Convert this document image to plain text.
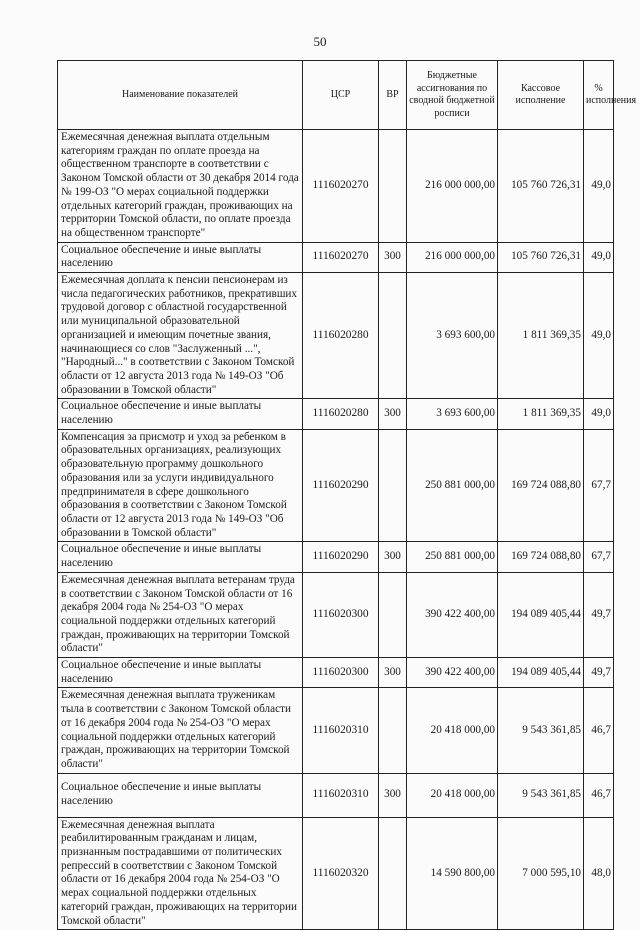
50
Наименование показателей	ЦСР	ВР	Бюджетные ассигнования по сводной бюджетной росписи	Кассовое исполнение	% исполнения
Ежемесячная денежная выплата отдельным категориям граждан по оплате проезда на общественном транспорте в соответствии с Законом Томской области от 30 декабря 2014 года № 199-ОЗ "О мерах социальной поддержки отдельных категорий граждан, проживающих на территории Томской области, по оплате проезда на общественном транспорте"	1116020270		216 000 000,00	105 760 726,31	49,0
Социальное обеспечение и иные выплаты населению	1116020270	300	216 000 000,00	105 760 726,31	49,0
Ежемесячная доплата к пенсии пенсионерам из числа педагогических работников, прекративших трудовой договор с областной государственной или муниципальной образовательной организацией и имеющим почетные звания, начинающиеся со слов "Заслуженный ...", "Народный..." в соответствии с Законом Томской области от 12 августа 2013 года № 149-ОЗ "Об образовании в Томской области"	1116020280		3 693 600,00	1 811 369,35	49,0
Социальное обеспечение и иные выплаты населению	1116020280	300	3 693 600,00	1 811 369,35	49,0
Компенсация за присмотр и уход за ребенком в образовательных организациях, реализующих образовательную программу дошкольного образования или за услуги индивидуального предпринимателя в сфере дошкольного образования в соответствии с Законом Томской области от 12 августа 2013 года № 149-ОЗ "Об образовании в Томской области"	1116020290		250 881 000,00	169 724 088,80	67,7
Социальное обеспечение и иные выплаты населению	1116020290	300	250 881 000,00	169 724 088,80	67,7
Ежемесячная денежная выплата ветеранам труда в соответствии с Законом Томской области от 16 декабря 2004 года № 254-ОЗ "О мерах социальной поддержки отдельных категорий граждан, проживающих на территории Томской области"	1116020300		390 422 400,00	194 089 405,44	49,7
Социальное обеспечение и иные выплаты населению	1116020300	300	390 422 400,00	194 089 405,44	49,7
Ежемесячная денежная выплата труженикам тыла в соответствии с Законом Томской области от 16 декабря 2004 года № 254-ОЗ "О мерах социальной поддержки отдельных категорий граждан, проживающих на территории Томской области"	1116020310		20 418 000,00	9 543 361,85	46,7
Социальное обеспечение и иные выплаты населению	1116020310	300	20 418 000,00	9 543 361,85	46,7
Ежемесячная денежная выплата реабилитированным гражданам и лицам, признанным пострадавшими от политических репрессий в соответствии с Законом Томской области от 16 декабря 2004 года № 254-ОЗ "О мерах социальной поддержки отдельных категорий граждан, проживающих на территории Томской области"	1116020320		14 590 800,00	7 000 595,10	48,0
